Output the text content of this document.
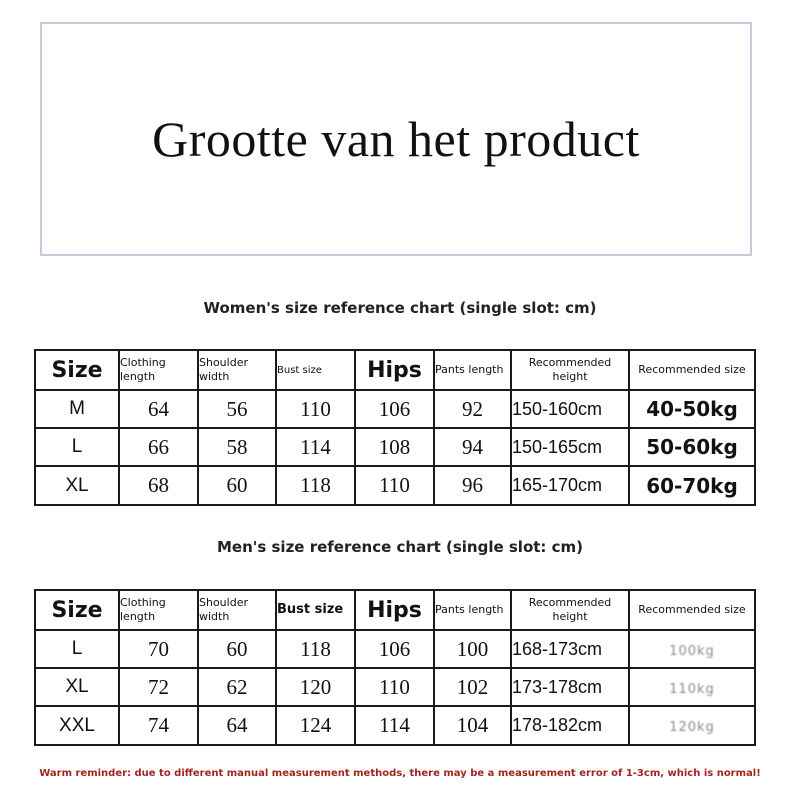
Grootte van het product
Women's size reference chart (single slot: cm)
Size	Clothing length	Shoulder width	Bust size	Hips	Pants length	Recommended height	Recommended size
M	64	56	110	106	92	150-160cm	40-50kg
L	66	58	114	108	94	150-165cm	50-60kg
XL	68	60	118	110	96	165-170cm	60-70kg
Men's size reference chart (single slot: cm)
Size	Clothing length	Shoulder width	Bust size	Hips	Pants length	Recommended height	Recommended size
L	70	60	118	106	100	168-173cm	100kg
XL	72	62	120	110	102	173-178cm	110kg
XXL	74	64	124	114	104	178-182cm	120kg
Warm reminder: due to different manual measurement methods, there may be a measurement error of 1-3cm, which is normal!
